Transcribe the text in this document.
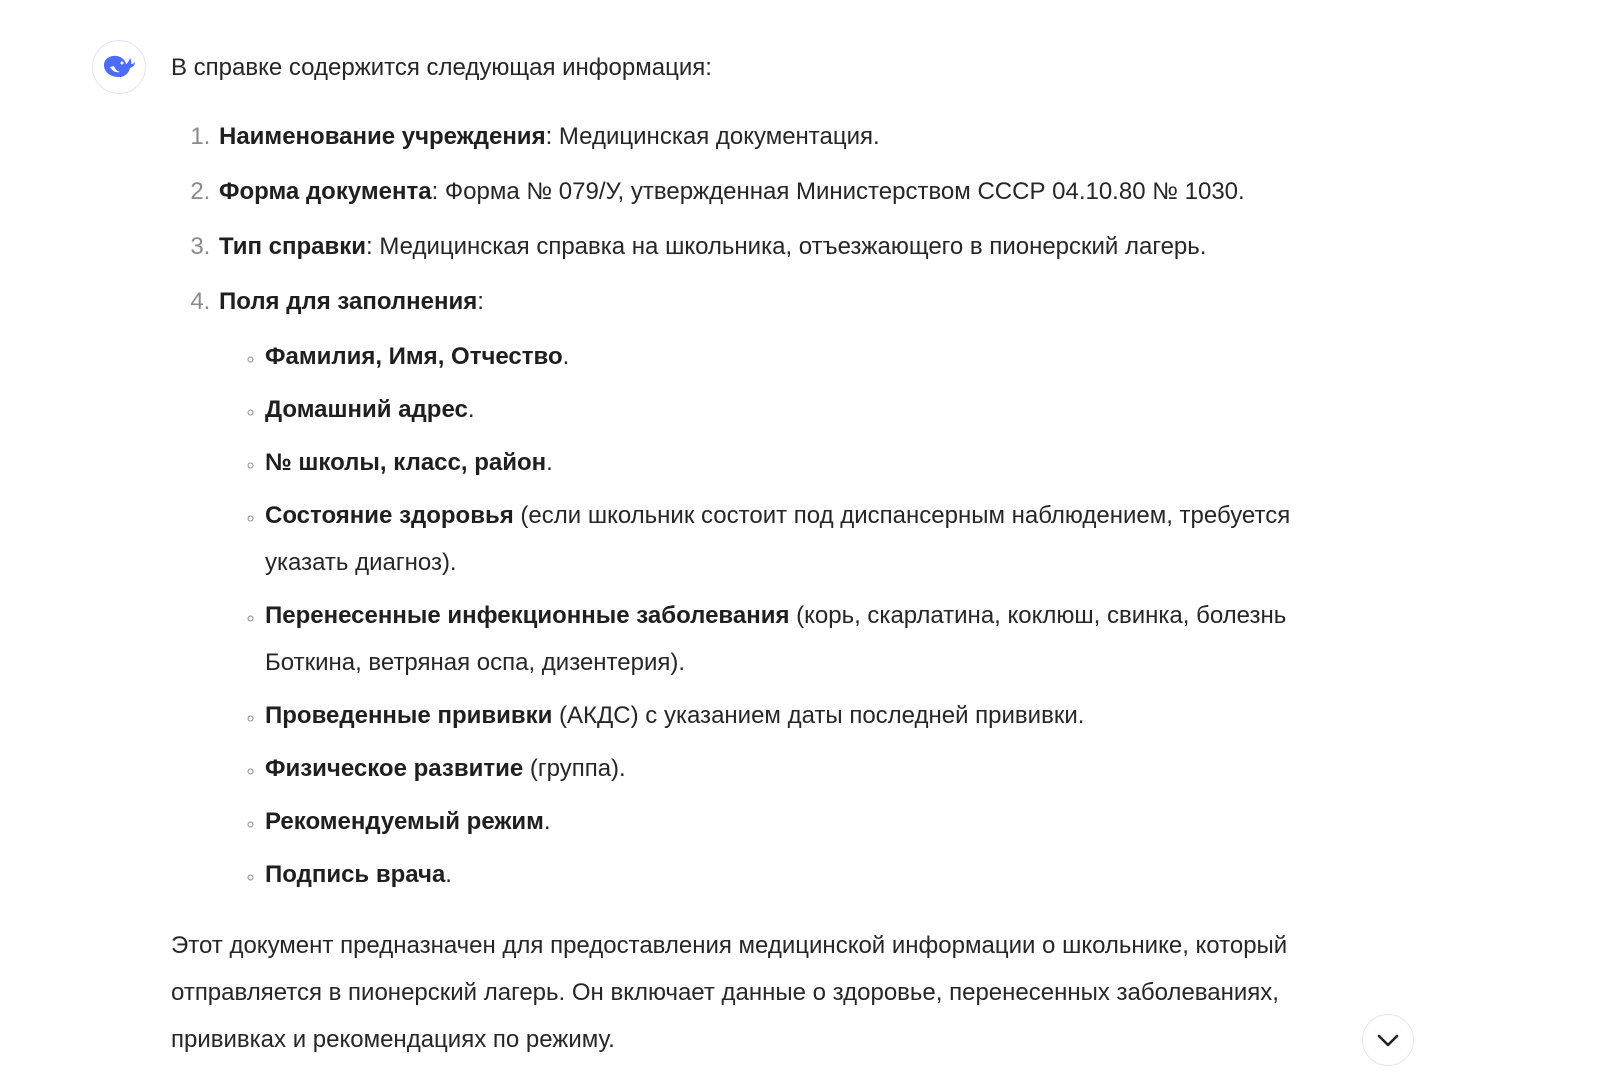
В справке содержится следующая информация:

1. Наименование учреждения: Медицинская документация.
2. Форма документа: Форма № 079/У, утвержденная Министерством СССР 04.10.80 № 1030.
3. Тип справки: Медицинская справка на школьника, отъезжающего в пионерский лагерь.
4. Поля для заполнения:
◦ Фамилия, Имя, Отчество.
◦ Домашний адрес.
◦ № школы, класс, район.
◦ Состояние здоровья (если школьник состоит под диспансерным наблюдением, требуется указать диагноз).
◦ Перенесенные инфекционные заболевания (корь, скарлатина, коклюш, свинка, болезнь Боткина, ветряная оспа, дизентерия).
◦ Проведенные прививки (АКДС) с указанием даты последней прививки.
◦ Физическое развитие (группа).
◦ Рекомендуемый режим.
◦ Подпись врача.

Этот документ предназначен для предоставления медицинской информации о школьнике, который отправляется в пионерский лагерь. Он включает данные о здоровье, перенесенных заболеваниях, прививках и рекомендациях по режиму.
